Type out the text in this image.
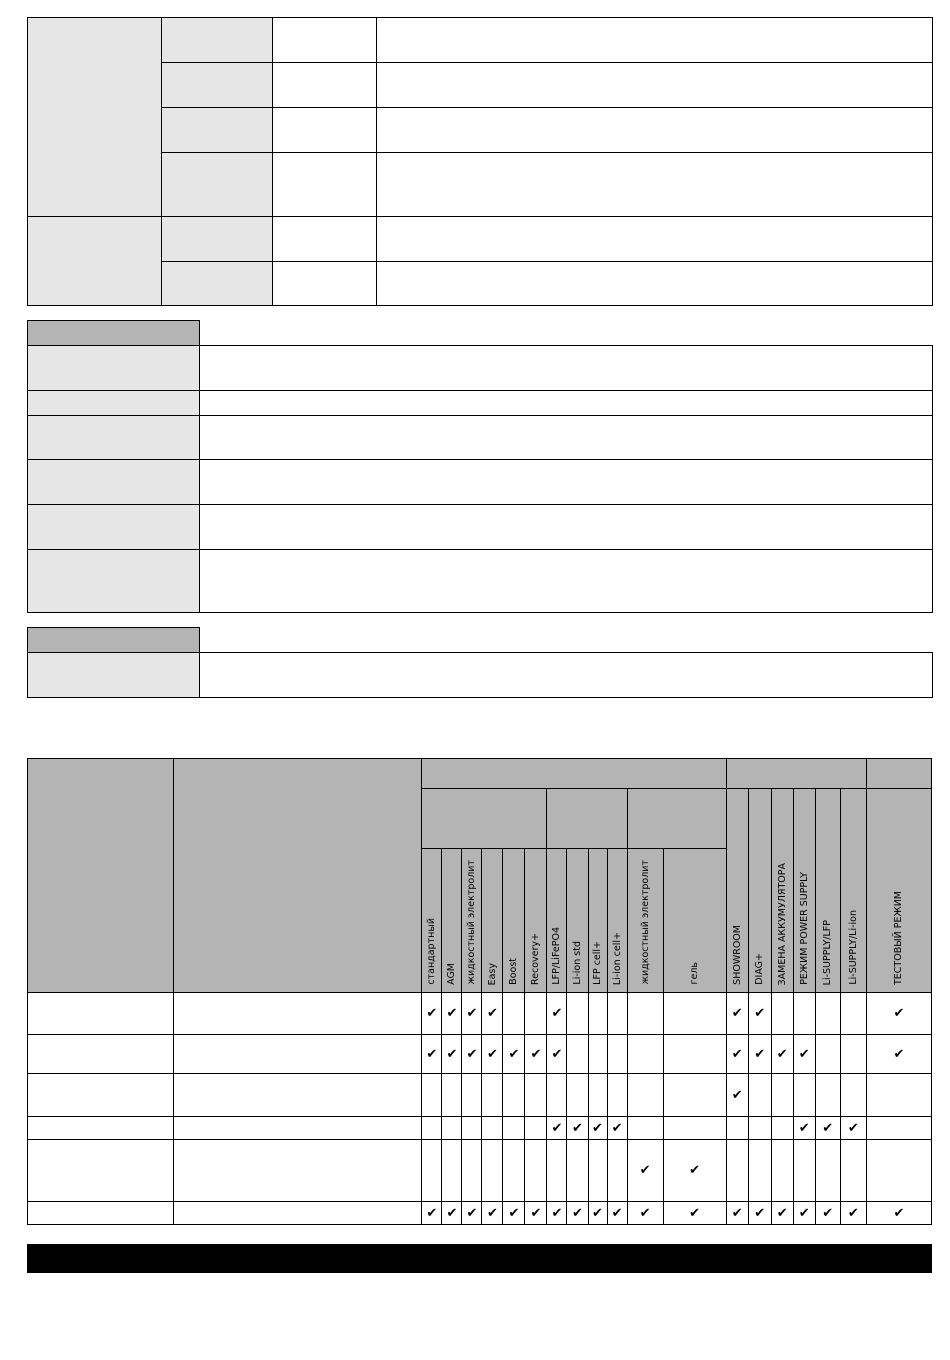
														SHOWROOM	DIAG+	ЗАМЕНА АККУМУЛЯТОРА	РЕЖИМ POWER SUPPLY	Li-SUPPLY/LFP	Li-SUPPLY/Li-ion	ТЕСТОВЫЙ РЕЖИМ
		стандартный	AGM	жидкостный электролит	Easy	Boost	Recovery+	LFP/LiFePO4	Li-ion std	LFP cell+	Li-ion cell+	жидкостный электролит	гель							
		✔	✔	✔	✔			✔						✔	✔					✔
		✔	✔	✔	✔	✔	✔	✔						✔	✔	✔	✔			✔
														✔						
								✔	✔	✔	✔						✔	✔	✔	
												✔	✔							
		✔	✔	✔	✔	✔	✔	✔	✔	✔	✔	✔	✔	✔	✔	✔	✔	✔	✔	✔
